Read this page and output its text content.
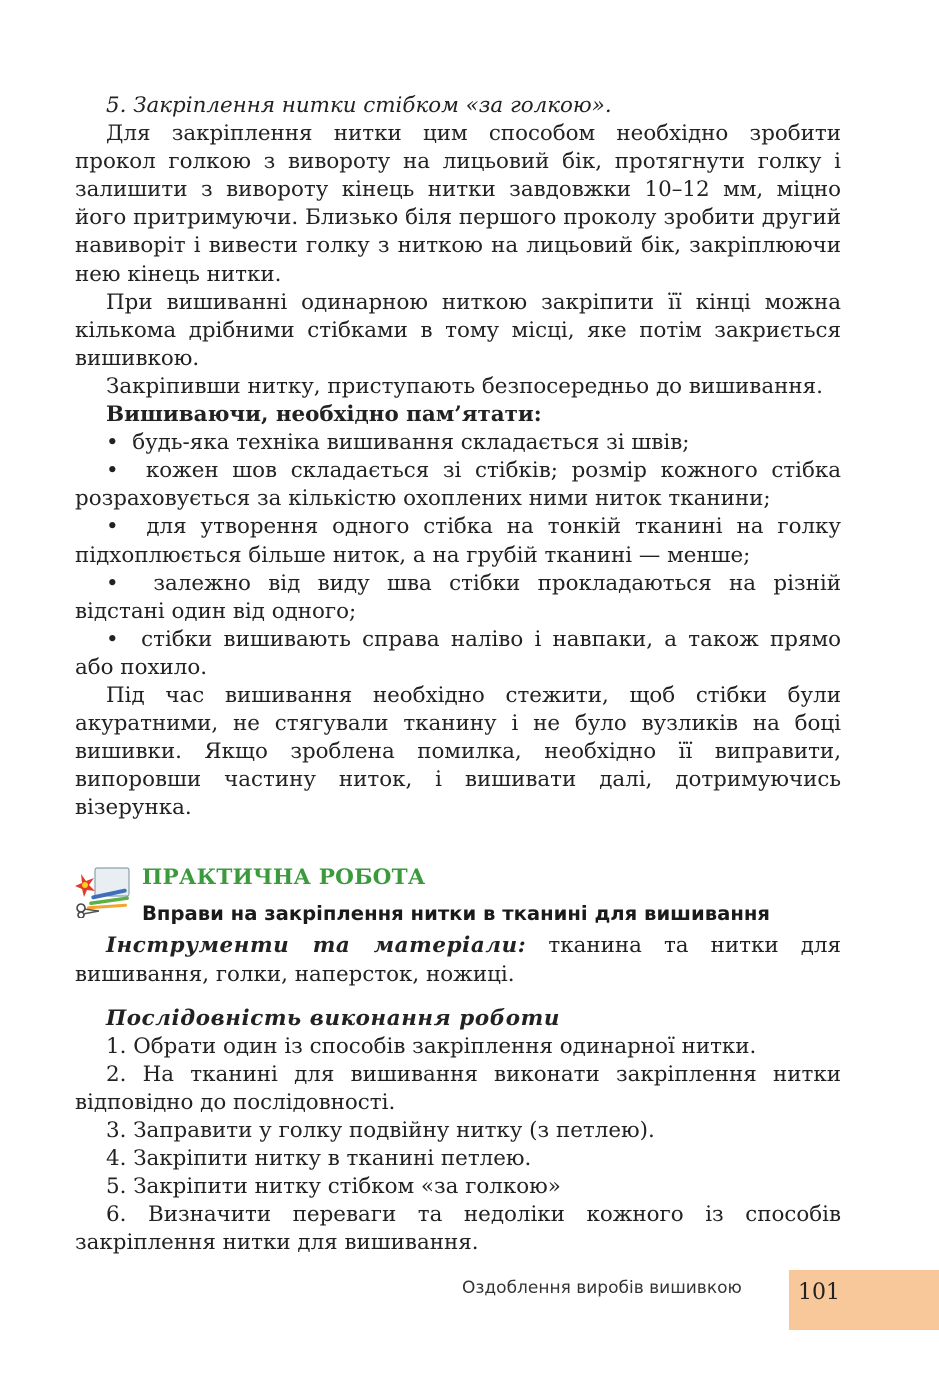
5. Закріплення нитки стібком «за голкою».

Для закріплення нитки цим способом необхідно зробити прокол голкою з вивороту на лицьовий бік, протягнути голку і залишити з вивороту кінець нитки завдовжки 10–12 мм, міцно його притримуючи. Близько біля першого проколу зробити другий навиворіт і вивести голку з ниткою на лицьовий бік, закріплюючи нею кінець нитки.

При вишиванні одинарною ниткою закріпити її кінці можна кількома дрібними стібками в тому місці, яке потім закриється вишивкою.

Закріпивши нитку, приступають безпосередньо до вишивання.

Вишиваючи, необхідно пам’ятати:

•  будь-яка техніка вишивання складається зі швів;

•  кожен шов складається зі стібків; розмір кожного стібка розраховується за кількістю охоплених ними ниток тканини;

•  для утворення одного стібка на тонкій тканині на голку підхоплюється більше ниток, а на грубій тканині — менше;

•  залежно від виду шва стібки прокладаються на різній відстані один від одного;

•  стібки вишивають справа наліво і навпаки, а також прямо або похило.

Під час вишивання необхідно стежити, щоб стібки були акуратними, не стягували тканину і не було вузликів на боці вишивки. Якщо зроблена помилка, необхідно її виправити, випоровши частину ниток, і вишивати далі, дотримуючись візерунка.

ПРАКТИЧНА РОБОТА
Вправи на закріплення нитки в тканині для вишивання

Інструменти та матеріали: тканина та нитки для вишивання, голки, наперсток, ножиці.

Послідовність виконання роботи

1. Обрати один із способів закріплення одинарної нитки.

2. На тканині для вишивання виконати закріплення нитки відповідно до послідовності.

3. Заправити у голку подвійну нитку (з петлею).

4. Закріпити нитку в тканині петлею.

5. Закріпити нитку стібком «за голкою»

6. Визначити переваги та недоліки кожного із способів закріплення нитки для вишивання.

Оздоблення виробів вишивкою	101
